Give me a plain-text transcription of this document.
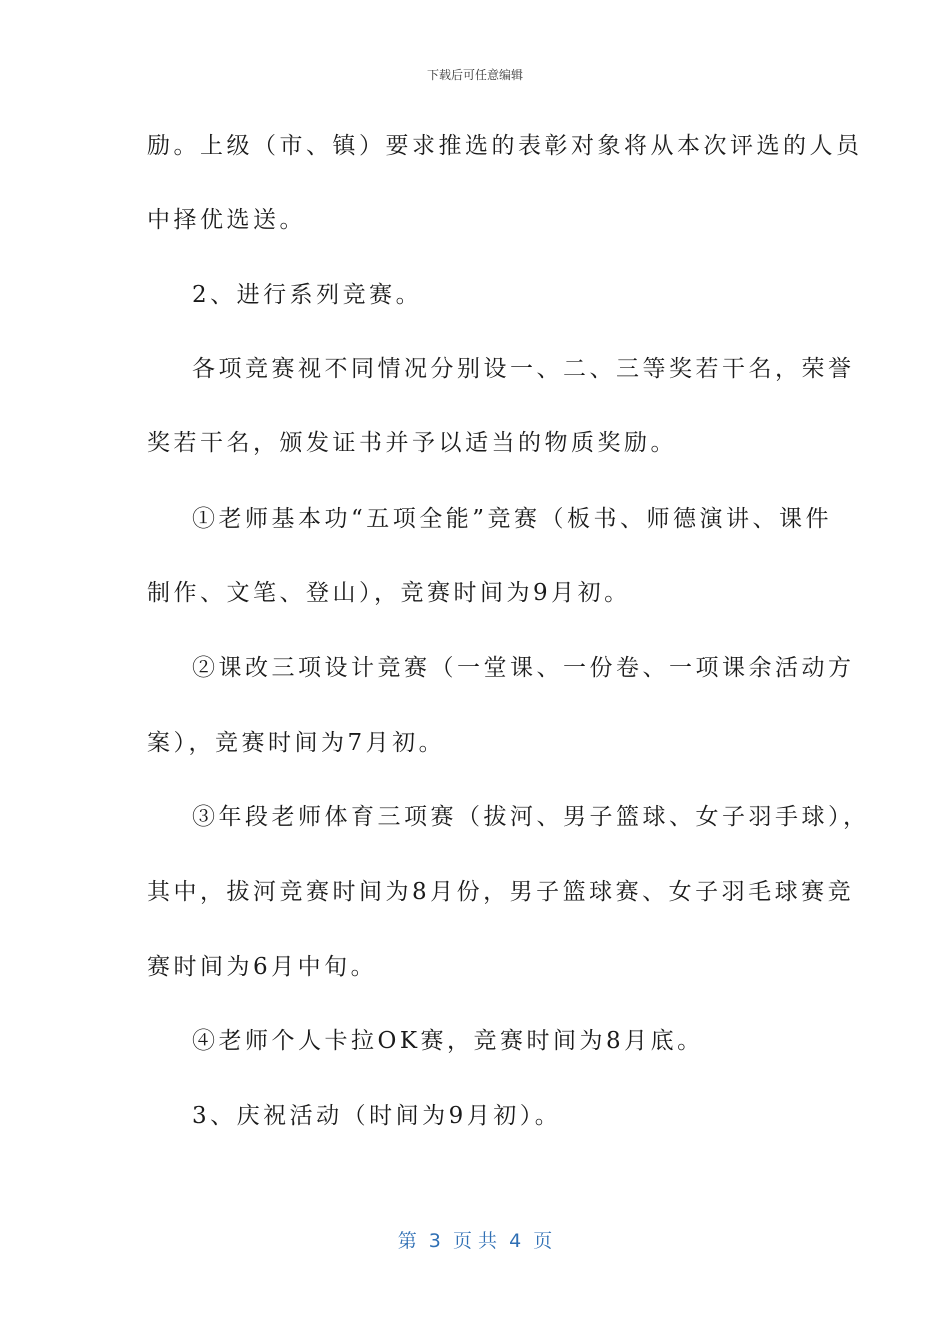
下载后可任意编辑
励。上级（市、镇）要求推选的表彰对象将从本次评选的人员
中择优选送。
2、进行系列竞赛。
各项竞赛视不同情况分别设一、二、三等奖若干名，荣誉
奖若干名，颁发证书并予以适当的物质奖励。
①老师基本功“五项全能”竞赛（板书、师德演讲、课件
制作、文笔、登山），竞赛时间为9月初。
②课改三项设计竞赛（一堂课、一份卷、一项课余活动方
案），竞赛时间为7月初。
③年段老师体育三项赛（拔河、男子篮球、女子羽手球），
其中，拔河竞赛时间为8月份，男子篮球赛、女子羽毛球赛竞
赛时间为6月中旬。
④老师个人卡拉OK赛，竞赛时间为8月底。
3、庆祝活动（时间为9月初）。
第  3  页 共  4  页
